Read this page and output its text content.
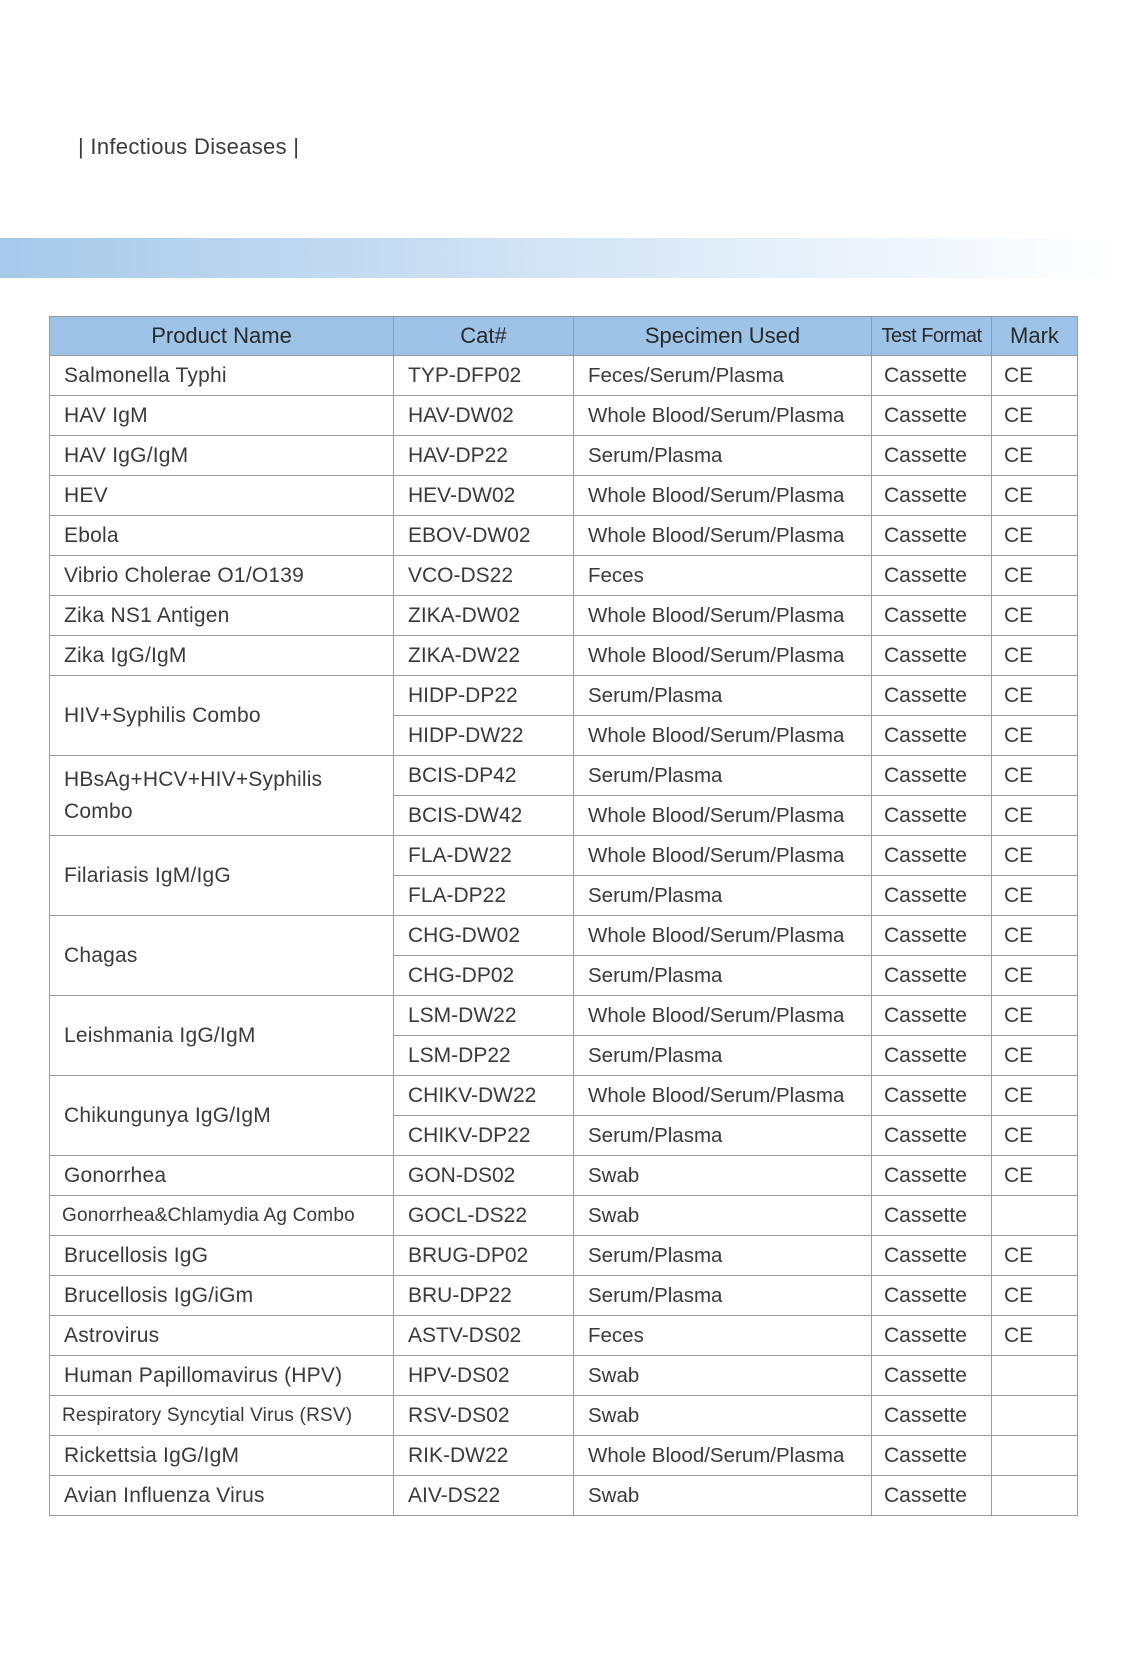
| Infectious Diseases |
Product Name	Cat#	Specimen Used	Test Format	Mark
Salmonella Typhi	TYP-DFP02	Feces/Serum/Plasma	Cassette	CE
HAV IgM	HAV-DW02	Whole Blood/Serum/Plasma	Cassette	CE
HAV IgG/IgM	HAV-DP22	Serum/Plasma	Cassette	CE
HEV	HEV-DW02	Whole Blood/Serum/Plasma	Cassette	CE
Ebola	EBOV-DW02	Whole Blood/Serum/Plasma	Cassette	CE
Vibrio Cholerae O1/O139	VCO-DS22	Feces	Cassette	CE
Zika NS1 Antigen	ZIKA-DW02	Whole Blood/Serum/Plasma	Cassette	CE
Zika IgG/IgM	ZIKA-DW22	Whole Blood/Serum/Plasma	Cassette	CE
HIV+Syphilis Combo	HIDP-DP22	Serum/Plasma	Cassette	CE
	HIDP-DW22	Whole Blood/Serum/Plasma	Cassette	CE
HBsAg+HCV+HIV+Syphilis Combo	BCIS-DP42	Serum/Plasma	Cassette	CE
	BCIS-DW42	Whole Blood/Serum/Plasma	Cassette	CE
Filariasis IgM/IgG	FLA-DW22	Whole Blood/Serum/Plasma	Cassette	CE
	FLA-DP22	Serum/Plasma	Cassette	CE
Chagas	CHG-DW02	Whole Blood/Serum/Plasma	Cassette	CE
	CHG-DP02	Serum/Plasma	Cassette	CE
Leishmania IgG/IgM	LSM-DW22	Whole Blood/Serum/Plasma	Cassette	CE
	LSM-DP22	Serum/Plasma	Cassette	CE
Chikungunya IgG/IgM	CHIKV-DW22	Whole Blood/Serum/Plasma	Cassette	CE
	CHIKV-DP22	Serum/Plasma	Cassette	CE
Gonorrhea	GON-DS02	Swab	Cassette	CE
Gonorrhea&Chlamydia Ag Combo	GOCL-DS22	Swab	Cassette	
Brucellosis IgG	BRUG-DP02	Serum/Plasma	Cassette	CE
Brucellosis IgG/iGm	BRU-DP22	Serum/Plasma	Cassette	CE
Astrovirus	ASTV-DS02	Feces	Cassette	CE
Human Papillomavirus (HPV)	HPV-DS02	Swab	Cassette	
Respiratory Syncytial Virus (RSV)	RSV-DS02	Swab	Cassette	
Rickettsia IgG/IgM	RIK-DW22	Whole Blood/Serum/Plasma	Cassette	
Avian Influenza Virus	AIV-DS22	Swab	Cassette	
